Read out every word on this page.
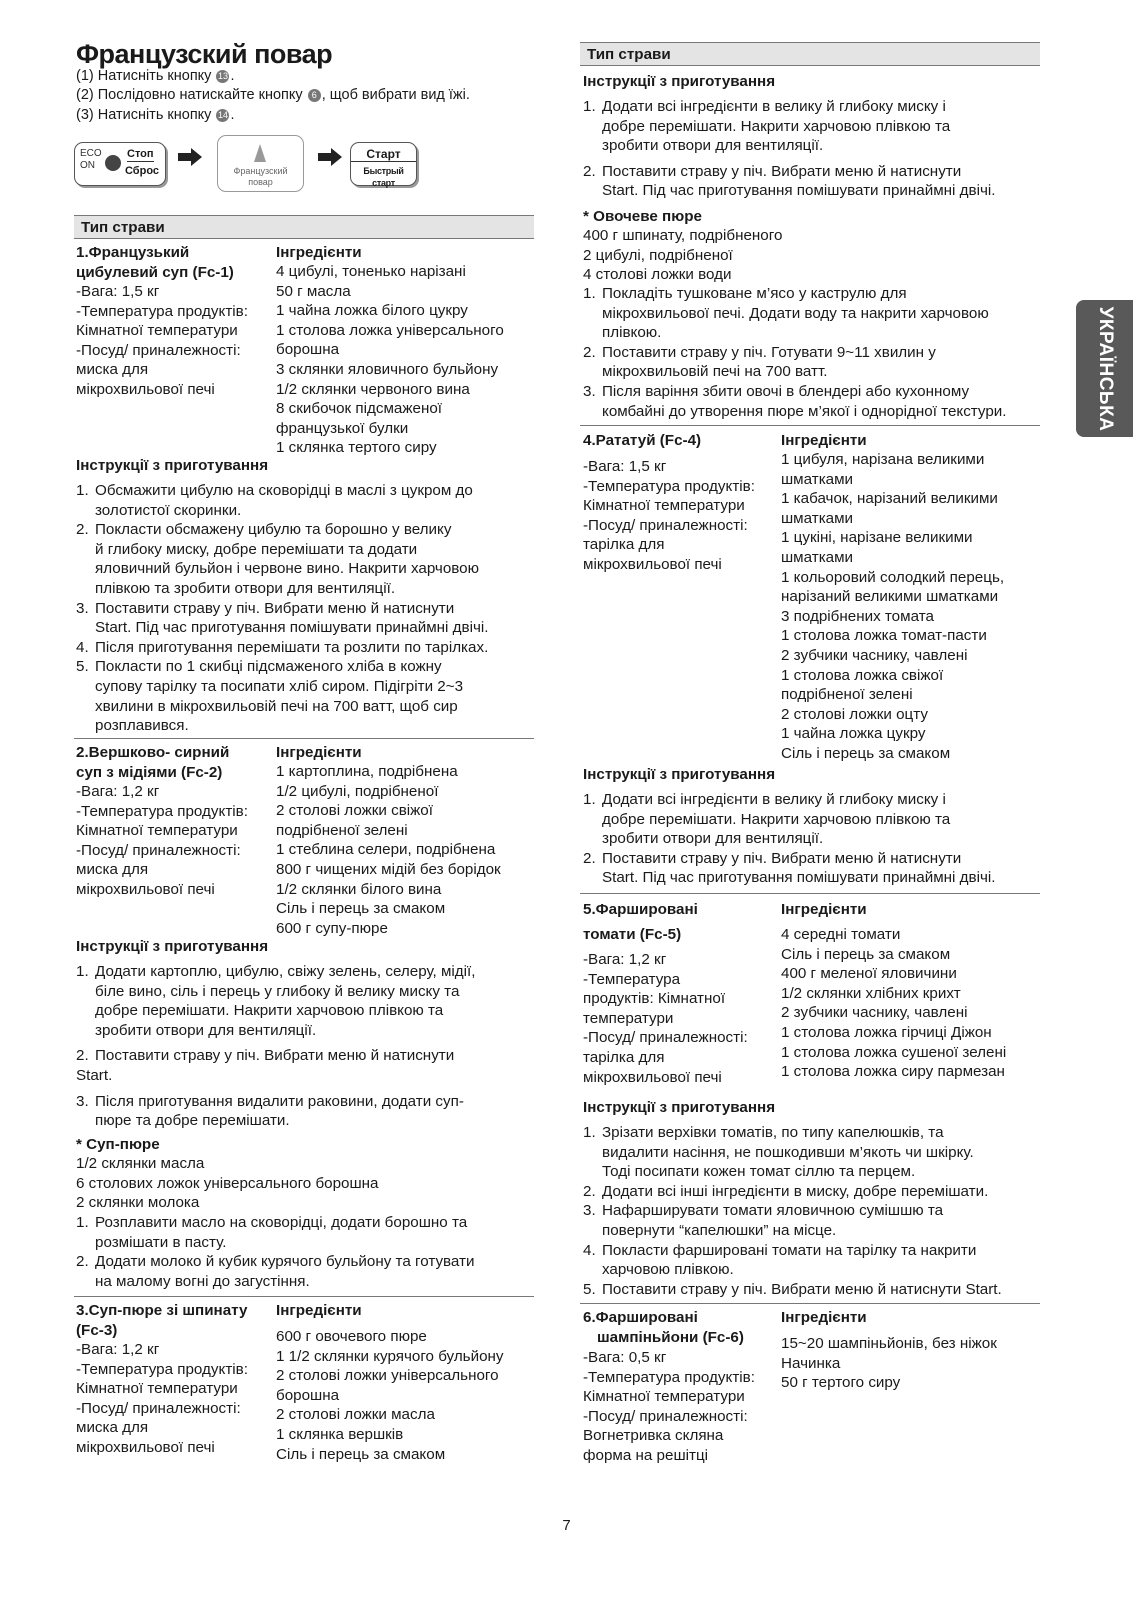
Французский повар
(1) Натисніть кнопку 13 .
(2) Послідовно натискайте кнопку 6 , щоб вибрати вид їжі.
(3) Натисніть кнопку 14 .
ECO
ON
Стоп
Сброс	Французский
повар
Старт
Быстрый старт
Тип страви
1.Французький
цибулевий суп (Fc-1)
Інгредієнти
-Вага: 1,5 кг
-Температура продуктів:
Кімнатної температури
-Посуд/ приналежності:
миска для
мікрохвильової печі
4 цибулі, тоненько нарізані
50 г масла
1 чайна ложка білого цукру
1 столова ложка універсального
борошна
3 склянки яловичного бульйону
1/2 склянки червоного вина
8 скибочок підсмаженої
французької булки
1 склянка тертого сиру
Інструкції з приготування
1. Обсмажити цибулю на сковорідці в маслі з цукром до
золотистої скоринки.
2. Покласти обсмажену цибулю та борошно у велику
й глибоку миску, добре перемішати та додати
яловичний бульйон і червоне вино. Накрити харчовою
плівкою та зробити отвори для вентиляції.
3. Поставити страву у піч. Вибрати меню й натиснути
Start. Під час приготування помішувати принаймні двічі.
4. Після приготування перемішати та розлити по тарілках.
5. Покласти по 1 скибці підсмаженого хліба в кожну
супову тарілку та посипати хліб сиром. Підігріти 2~3
хвилини в мікрохвильовій печі на 700 ватт, щоб сир
розплавився.
2.Вершково- сирний
суп з мідіями (Fc-2)
Інгредієнти
-Вага: 1,2 кг
-Температура продуктів:
Кімнатної температури
-Посуд/ приналежності:
миска для
мікрохвильової печі
1 картоплина, подрібнена
1/2 цибулі, подрібненої
2 столові ложки свіжої
подрібненої зелені
1 стеблина селери, подрібнена
800 г чищених мідій без борідок
1/2 склянки білого вина
Сіль і перець за смаком
600 г супу-пюре
Інструкції з приготування
1. Додати картоплю, цибулю, свіжу зелень, селеру, мідії,
біле вино, сіль і перець у глибоку й велику миску та
добре перемішати. Накрити харчовою плівкою та
зробити отвори для вентиляції.
2. Поставити страву у піч. Вибрати меню й натиснути
Start.
3. Після приготування видалити раковини, додати суп-
пюре та добре перемішати.
* Суп-пюре
1/2 склянки масла
6 столових ложок універсального борошна
2 склянки молока
1. Розплавити масло на сковорідці, додати борошно та
розмішати в пасту.
2. Додати молоко й кубик курячого бульйону та готувати
на малому вогні до загустіння.
3.Суп-пюре зі шпинату
(Fc-3)
Інгредієнти
-Вага: 1,2 кг
-Температура продуктів:
Кімнатної температури
-Посуд/ приналежності:
миска для
мікрохвильової печі
600 г овочевого пюре
1 1/2 склянки курячого бульйону
2 столові ложки універсального
борошна
2 столові ложки масла
1 склянка вершків
Сіль і перець за смаком
Тип страви
Інструкції з приготування
1. Додати всі інгредієнти в велику й глибоку миску і
добре перемішати. Накрити харчовою плівкою та
зробити отвори для вентиляції.
2. Поставити страву у піч. Вибрати меню й натиснути
Start. Під час приготування помішувати принаймні двічі.
* Овочеве пюре
400 г шпинату, подрібненого
2 цибулі, подрібненої
4 столові ложки води
1. Покладіть тушковане м’ясо у каструлю для
мікрохвильової печі. Додати воду та накрити харчовою
плівкою.
2. Поставити страву у піч. Готувати 9~11 хвилин у
мікрохвильовій печі на 700 ватт.
3. Після варіння збити овочі в блендері або кухонному
комбайні до утворення пюре м’якої і однорідної текстури.
4.Рататуй (Fc-4)	Інгредієнти
-Вага: 1,5 кг
-Температура продуктів:
Кімнатної температури
-Посуд/ приналежності:
тарілка для
мікрохвильової печі
1 цибуля, нарізана великими
шматками
1 кабачок, нарізаний великими
шматками
1 цукіні, нарізане великими
шматками
1 кольоровий солодкий перець,
нарізаний великими шматками
3 подрібнених томата
1 столова ложка томат-пасти
2 зубчики часнику, чавлені
1 столова ложка свіжої
подрібненої зелені
2 столові ложки оцту
1 чайна ложка цукру
Сіль і перець за смаком
Інструкції з приготування
1. Додати всі інгредієнти в велику й глибоку миску і
добре перемішати. Накрити харчовою плівкою та
зробити отвори для вентиляції.
2. Поставити страву у піч. Вибрати меню й натиснути
Start. Під час приготування помішувати принаймні двічі.
5.Фаршировані
томати (Fc-5)
Інгредієнти
-Вага: 1,2 кг
-Температура
продуктів: Кімнатної
температури
-Посуд/ приналежності:
тарілка для
мікрохвильової печі
4 середні томати
Сіль і перець за смаком
400 г меленої яловичини
1/2 склянки хлібних крихт
2 зубчики часнику, чавлені
1 столова ложка гірчиці Діжон
1 столова ложка сушеної зелені
1 столова ложка сиру пармезан
Інструкції з приготування
1. Зрізати верхівки томатів, по типу капелюшків, та
видалити насіння, не пошкодивши м’якоть чи шкірку.
Тоді посипати кожен томат сіллю та перцем.
2. Додати всі інші інгредієнти в миску, добре перемішати.
3. Нафарширувати томати яловичною сумішшю та
повернути “капелюшки” на місце.
4. Покласти фаршировані томати на тарілку та накрити
харчовою плівкою.
5. Поставити страву у піч. Вибрати меню й натиснути Start.
6.Фаршировані
шампіньйони (Fc-6)
Інгредієнти
-Вага: 0,5 кг
-Температура продуктів:
Кімнатної температури
-Посуд/ приналежності:
Вогнетривка скляна
форма на решітці
15~20 шампіньйонів, без ніжок
Начинка
50 г тертого сиру
УКРАЇНСЬКА
7
